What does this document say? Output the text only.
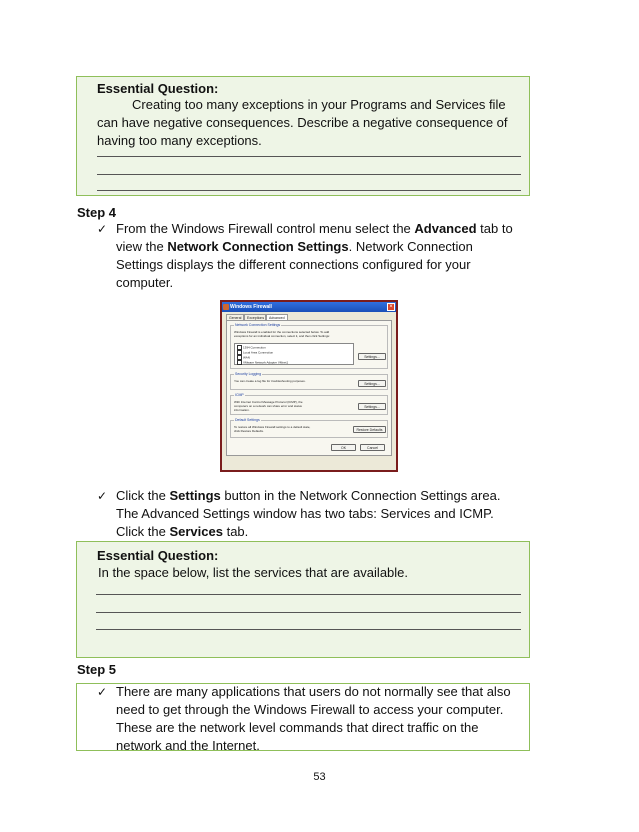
Essential Question:
Creating too many exceptions in your Programs and Services file
can have negative consequences. Describe a negative consequence of
having too many exceptions.
Step 4
✓ From the Windows Firewall control menu select the Advanced tab to
view the Network Connection Settings. Network Connection
Settings displays the different connections configured for your
computer.
Windows Firewall	×
General	Exceptions	Advanced
Network Connection Settings
Windows Firewall is enabled for the connections selected below. To add
exceptions for an individual connection, select it, and then click Settings:
1394 Connection
Local Area Connection
WAN
VMware Network Adapter VMnet1
Settings...
Security Logging
You can create a log file for troubleshooting purposes.
Settings...
ICMP
With Internet Control Message Protocol (ICMP), the
computers on a network can share error and status
information.
Settings...
Default Settings
To restore all Windows Firewall settings to a default state,
click Restore Defaults.	Restore Defaults
OK	Cancel
✓ Click the Settings button in the Network Connection Settings area.
The Advanced Settings window has two tabs: Services and ICMP.
Click the Services tab.
Essential Question:
In the space below, list the services that are available.
Step 5
✓ There are many applications that users do not normally see that also
need to get through the Windows Firewall to access your computer.
These are the network level commands that direct traffic on the
network and the Internet.
53
